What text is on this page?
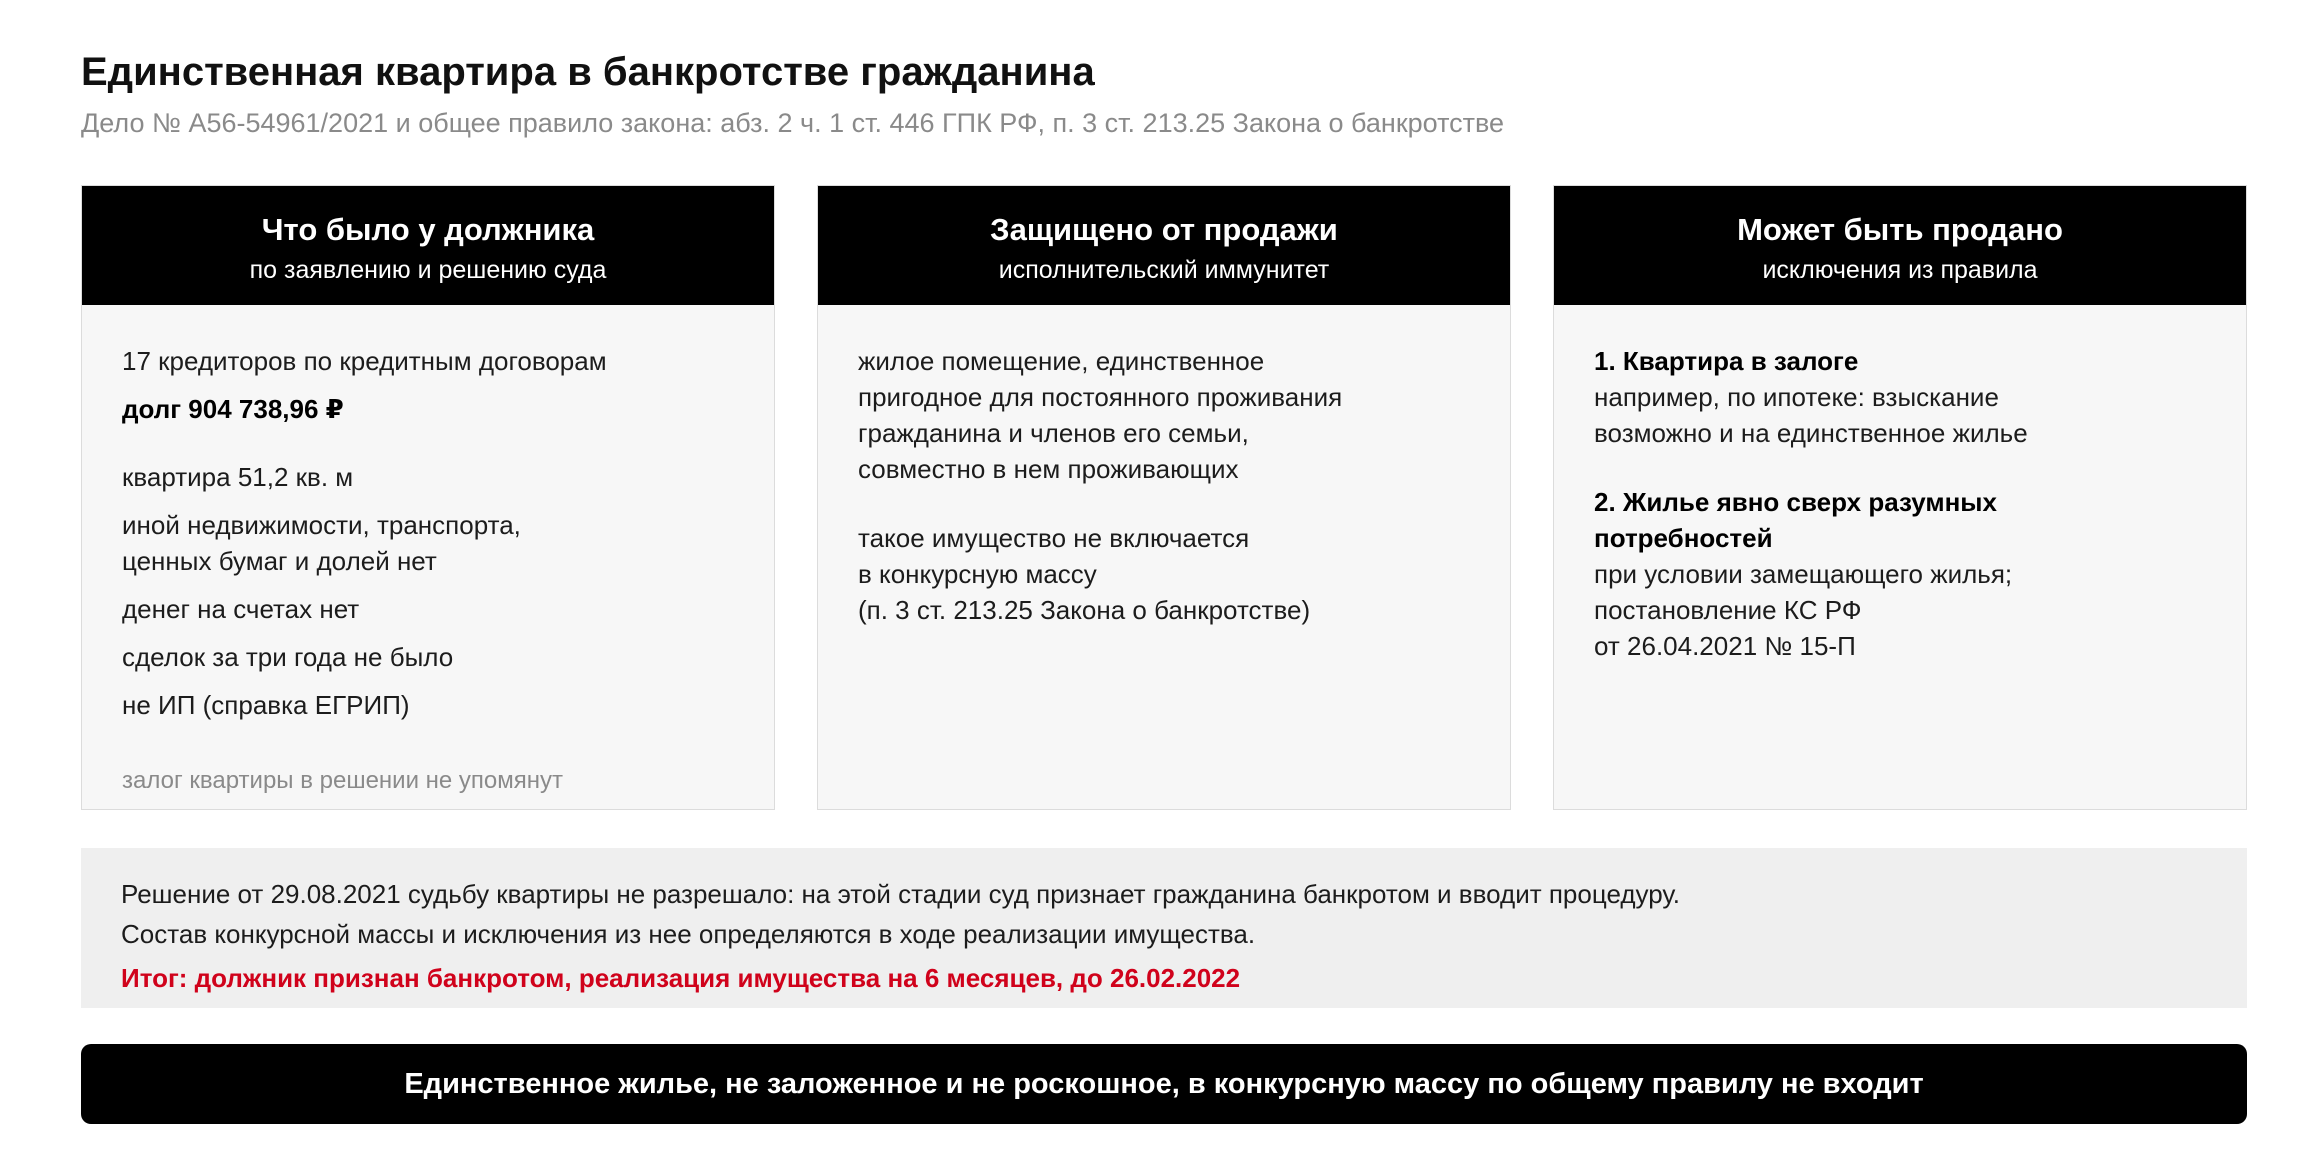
Единственная квартира в банкротстве гражданина
Дело № А56-54961/2021 и общее правило закона: абз. 2 ч. 1 ст. 446 ГПК РФ, п. 3 ст. 213.25 Закона о банкротстве
Что было у должника
по заявлению и решению суда

17 кредиторов по кредитным договорам

долг 904 738,96 ₽

квартира 51,2 кв. м

иной недвижимости, транспорта,

ценных бумаг и долей нет

денег на счетах нет

сделок за три года не было

не ИП (справка ЕГРИП)

залог квартиры в решении не упомянут

Защищено от продажи
исполнительский иммунитет

жилое помещение, единственное

пригодное для постоянного проживания

гражданина и членов его семьи,

совместно в нем проживающих

такое имущество не включается

в конкурсную массу

(п. 3 ст. 213.25 Закона о банкротстве)

Может быть продано
исключения из правила

1. Квартира в залоге

например, по ипотеке: взыскание

возможно и на единственное жилье

2. Жилье явно сверх разумных

потребностей

при условии замещающего жилья;

постановление КС РФ

от 26.04.2021 № 15-П

Решение от 29.08.2021 судьбу квартиры не разрешало: на этой стадии суд признает гражданина банкротом и вводит процедуру.
Состав конкурсной массы и исключения из нее определяются в ходе реализации имущества.
Итог: должник признан банкротом, реализация имущества на 6 месяцев, до 26.02.2022
Единственное жилье, не заложенное и не роскошное, в конкурсную массу по общему правилу не входит
